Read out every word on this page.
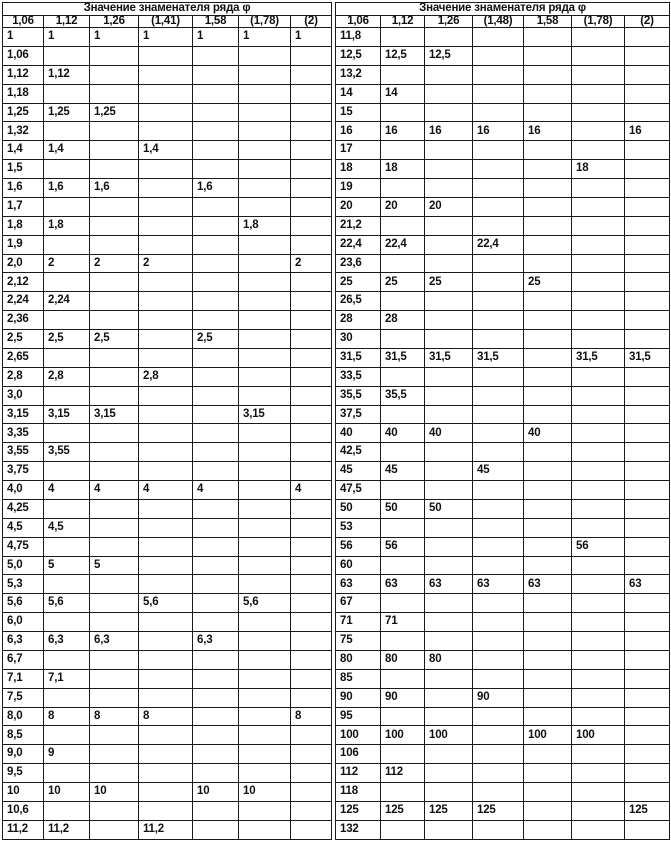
Значение знаменателя ряда φ						
1,06	1,12	1,26	(1,41)	1,58	(1,78)	(2)
1	1	1	1	1	1	1
1,06						
1,12	1,12					
1,18						
1,25	1,25	1,25				
1,32						
1,4	1,4		1,4			
1,5						
1,6	1,6	1,6		1,6		
1,7						
1,8	1,8				1,8	
1,9						
2,0	2	2	2			2
2,12						
2,24	2,24					
2,36						
2,5	2,5	2,5		2,5		
2,65						
2,8	2,8		2,8			
3,0						
3,15	3,15	3,15			3,15	
3,35						
3,55	3,55					
3,75						
4,0	4	4	4	4		4
4,25						
4,5	4,5					
4,75						
5,0	5	5				
5,3						
5,6	5,6		5,6		5,6	
6,0						
6,3	6,3	6,3		6,3		
6,7						
7,1	7,1					
7,5						
8,0	8	8	8			8
8,5						
9,0	9					
9,5						
10	10	10		10	10	
10,6						
11,2	11,2		11,2			
Значение знаменателя ряда φ						
1,06	1,12	1,26	(1,48)	1,58	(1,78)	(2)
11,8						
12,5	12,5	12,5				
13,2						
14	14					
15						
16	16	16	16	16		16
17						
18	18				18	
19						
20	20	20				
21,2						
22,4	22,4		22,4			
23,6						
25	25	25		25		
26,5						
28	28					
30						
31,5	31,5	31,5	31,5		31,5	31,5
33,5						
35,5	35,5					
37,5						
40	40	40		40		
42,5						
45	45		45			
47,5						
50	50	50				
53						
56	56				56	
60						
63	63	63	63	63		63
67						
71	71					
75						
80	80	80				
85						
90	90		90			
95						
100	100	100		100	100	
106						
112	112					
118						
125	125	125	125			125
132						
